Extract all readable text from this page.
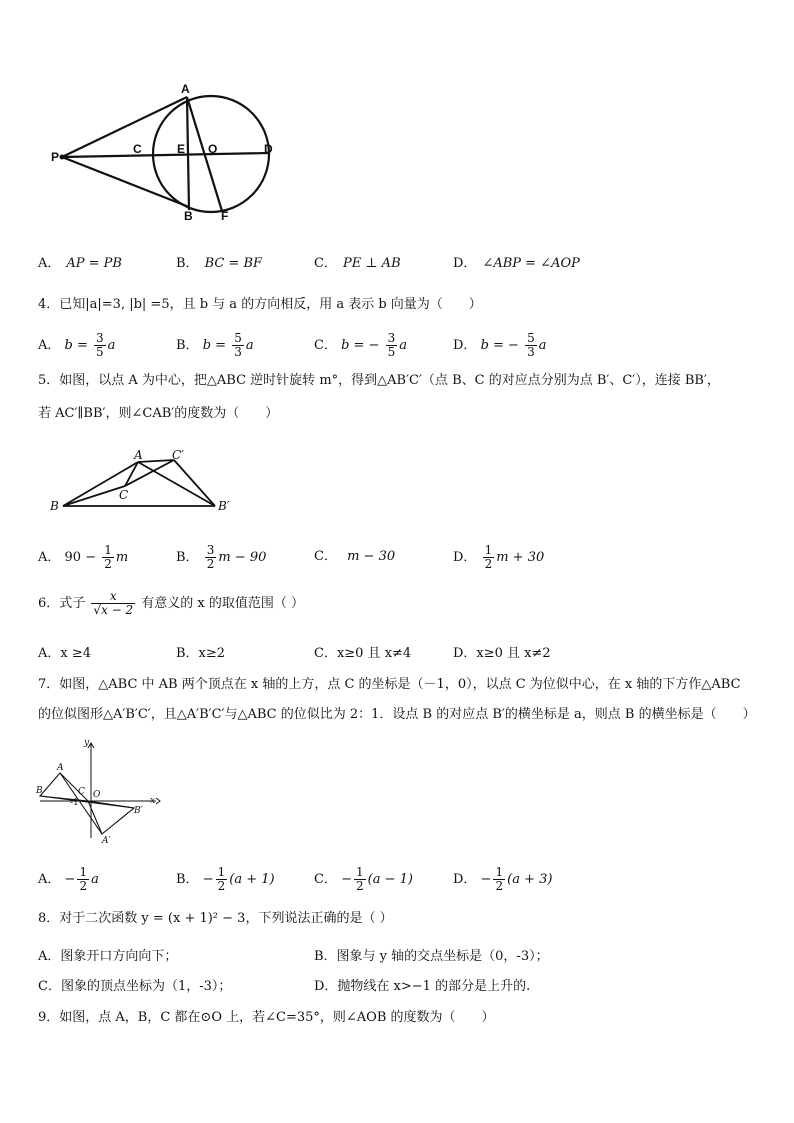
A
P
C	E O	D
B F
A． AP = PB	B． BC = BF	C． PE ⊥ AB	D． ∠ABP = ∠AOP
4．已知|a|=3, |b| =5，且 b 与 a 的方向相反，用 a 表示 b 向量为（　　）
A． $b = \frac{3}{5}$ a	B． $b = \frac{5}{3}$ a	C． b = − $\frac{3}{5}$ a	D． b = − $\frac{5}{3}$ a
5．如图，以点 A 为中心，把△ABC 逆时针旋转 m°，得到△AB′C′（点 B、C 的对应点分别为点 B′、C′），连接 BB′，
若 AC′∥BB′，则∠CAB′的度数为（　　）
A C′
C
B	B′
A． $90 - \frac{1}{2}$ m	B． $\frac{3}{2}$ m − 90	C． m − 30	D． $\frac{1}{2}$ m + 30
6．式子 $\frac{x}{√x - 2}$ 有意义的 x 的取值范围（ ）
A．x ≥4	B．x≥2	C．x≥0 且 x≠4	D．x≥0 且 x≠2
7．如图，△ABC 中 AB 两个顶点在 x 轴的上方，点 C 的坐标是（－1，0），以点 C 为位似中心，在 x 轴的下方作△ABC
的位似图形△A′B′C′，且△A′B′C′与△ABC 的位似比为 2：1．设点 B 的对应点 B′的横坐标是 a，则点 B 的横坐标是（　　）
y
A
B	C O
-1	x
B′
A′
A． − $\frac{1}{2}$ a	B． − $\frac{1}{2} (a + 1)$	C． − $\frac{1}{2} (a - 1)$	D． − $\frac{1}{2} (a + 3)$
8．对于二次函数 y = (x + 1)² − 3，下列说法正确的是（ ）
A．图象开口方向向下；	B．图象与 y 轴的交点坐标是（0，-3）；
C．图象的顶点坐标为（1，-3）；	D．抛物线在 x>−1 的部分是上升的.
9．如图，点 A，B，C 都在⊙O 上，若∠C=35°，则∠AOB 的度数为（　　）
